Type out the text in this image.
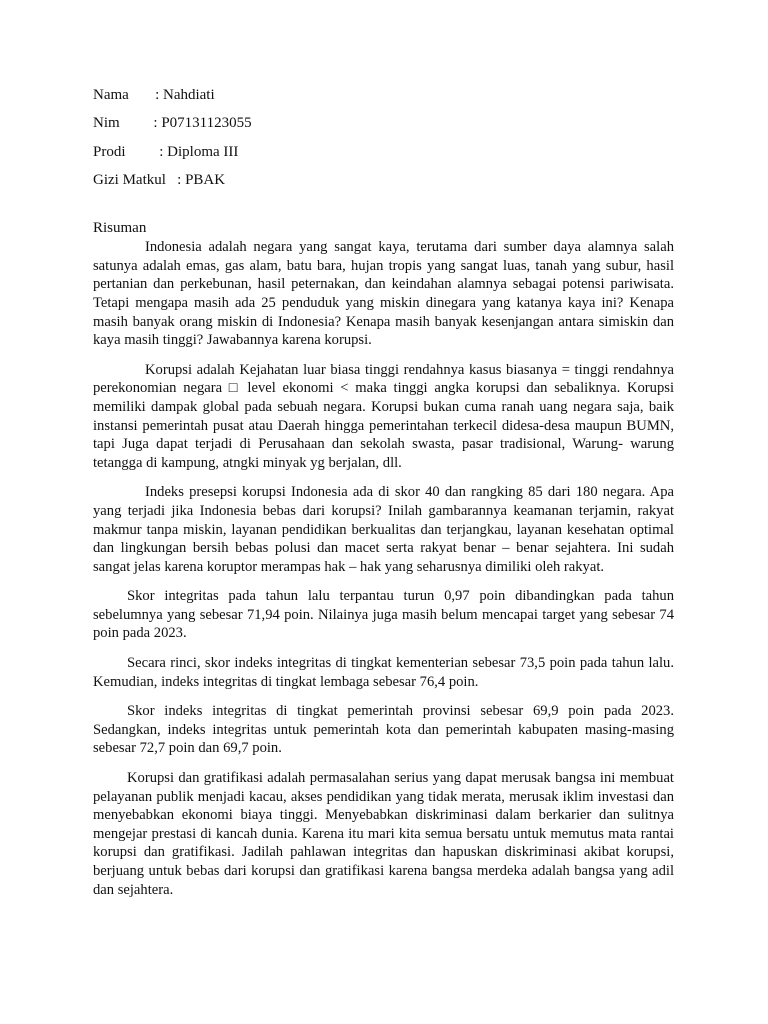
Nama       : Nahdiati
Nim         : P07131123055
Prodi         : Diploma III
Gizi Matkul   : PBAK
Risuman

Indonesia adalah negara yang sangat kaya, terutama dari sumber daya alamnya salah satunya adalah emas, gas alam, batu bara, hujan tropis yang sangat luas, tanah yang subur, hasil pertanian dan perkebunan, hasil peternakan, dan keindahan alamnya sebagai potensi pariwisata. Tetapi mengapa masih ada 25 penduduk yang miskin dinegara yang katanya kaya ini? Kenapa masih banyak orang miskin di Indonesia? Kenapa masih banyak kesenjangan antara simiskin dan kaya masih tinggi? Jawabannya karena korupsi.

Korupsi adalah Kejahatan luar biasa tinggi rendahnya kasus biasanya = tinggi rendahnya perekonomian negara □ level ekonomi < maka tinggi angka korupsi dan sebaliknya. Korupsi memiliki dampak global pada sebuah negara. Korupsi bukan cuma ranah uang negara saja, baik instansi pemerintah pusat atau Daerah hingga pemerintahan terkecil didesa-desa maupun BUMN, tapi Juga dapat terjadi di Perusahaan dan sekolah swasta, pasar tradisional, Warung- warung tetangga di kampung, atngki minyak yg berjalan, dll.

Indeks presepsi korupsi Indonesia ada di skor 40 dan rangking 85 dari 180 negara. Apa yang terjadi jika Indonesia bebas dari korupsi? Inilah gambarannya keamanan terjamin, rakyat makmur tanpa miskin, layanan pendidikan berkualitas dan terjangkau, layanan kesehatan optimal dan lingkungan bersih bebas polusi dan macet serta rakyat benar – benar sejahtera. Ini sudah sangat jelas karena koruptor merampas hak – hak yang seharusnya dimiliki oleh rakyat.

Skor integritas pada tahun lalu terpantau turun 0,97 poin dibandingkan pada tahun sebelumnya yang sebesar 71,94 poin. Nilainya juga masih belum mencapai target yang sebesar 74 poin pada 2023.

Secara rinci, skor indeks integritas di tingkat kementerian sebesar 73,5 poin pada tahun lalu. Kemudian, indeks integritas di tingkat lembaga sebesar 76,4 poin.

Skor indeks integritas di tingkat pemerintah provinsi sebesar 69,9 poin pada 2023. Sedangkan, indeks integritas untuk pemerintah kota dan pemerintah kabupaten masing-masing sebesar 72,7 poin dan 69,7 poin.

Korupsi dan gratifikasi adalah permasalahan serius yang dapat merusak bangsa ini membuat pelayanan publik menjadi kacau, akses pendidikan yang tidak merata, merusak iklim investasi dan menyebabkan ekonomi biaya tinggi. Menyebabkan diskriminasi dalam berkarier dan sulitnya mengejar prestasi di kancah dunia. Karena itu mari kita semua bersatu untuk memutus mata rantai korupsi dan gratifikasi. Jadilah pahlawan integritas dan hapuskan diskriminasi akibat korupsi, berjuang untuk bebas dari korupsi dan gratifikasi karena bangsa merdeka adalah bangsa yang adil dan sejahtera.
